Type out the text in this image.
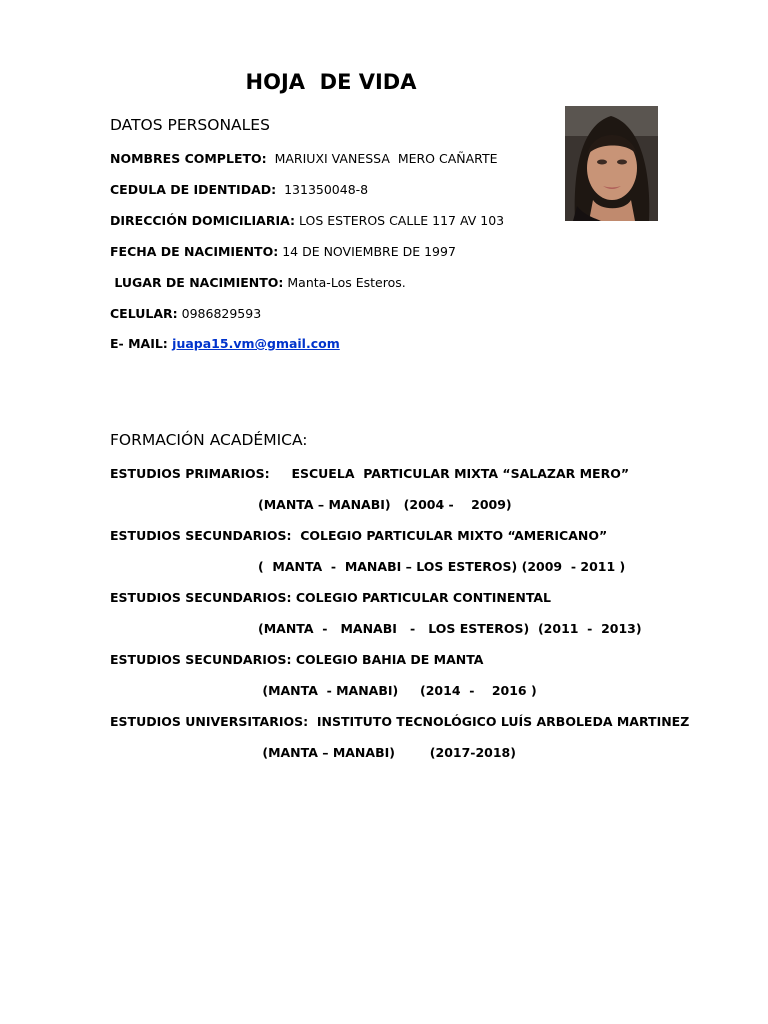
HOJA  DE VIDA
DATOS PERSONALES
NOMBRES COMPLETO:  MARIUXI VANESSA  MERO CAÑARTE
CEDULA DE IDENTIDAD:  131350048-8
DIRECCIÓN DOMICILIARIA: LOS ESTEROS CALLE 117 AV 103
FECHA DE NACIMIENTO: 14 DE NOVIEMBRE DE 1997
LUGAR DE NACIMIENTO: Manta-Los Esteros.
CELULAR: 0986829593
E- MAIL: juapa15.vm@gmail.com
FORMACIÓN ACADÉMICA:
ESTUDIOS PRIMARIOS:     ESCUELA  PARTICULAR MIXTA “SALAZAR MERO”
(MANTA – MANABI)   (2004 -    2009)
ESTUDIOS SECUNDARIOS:  COLEGIO PARTICULAR MIXTO “AMERICANO”
(  MANTA  -  MANABI – LOS ESTEROS) (2009  - 2011 )
ESTUDIOS SECUNDARIOS: COLEGIO PARTICULAR CONTINENTAL
(MANTA  -   MANABI   -   LOS ESTEROS)  (2011  -  2013)
ESTUDIOS SECUNDARIOS: COLEGIO BAHIA DE MANTA
(MANTA  - MANABI)     (2014  -    2016 )
ESTUDIOS UNIVERSITARIOS:  INSTITUTO TECNOLÓGICO LUÍS ARBOLEDA MARTINEZ
(MANTA – MANABI)        (2017-2018)
